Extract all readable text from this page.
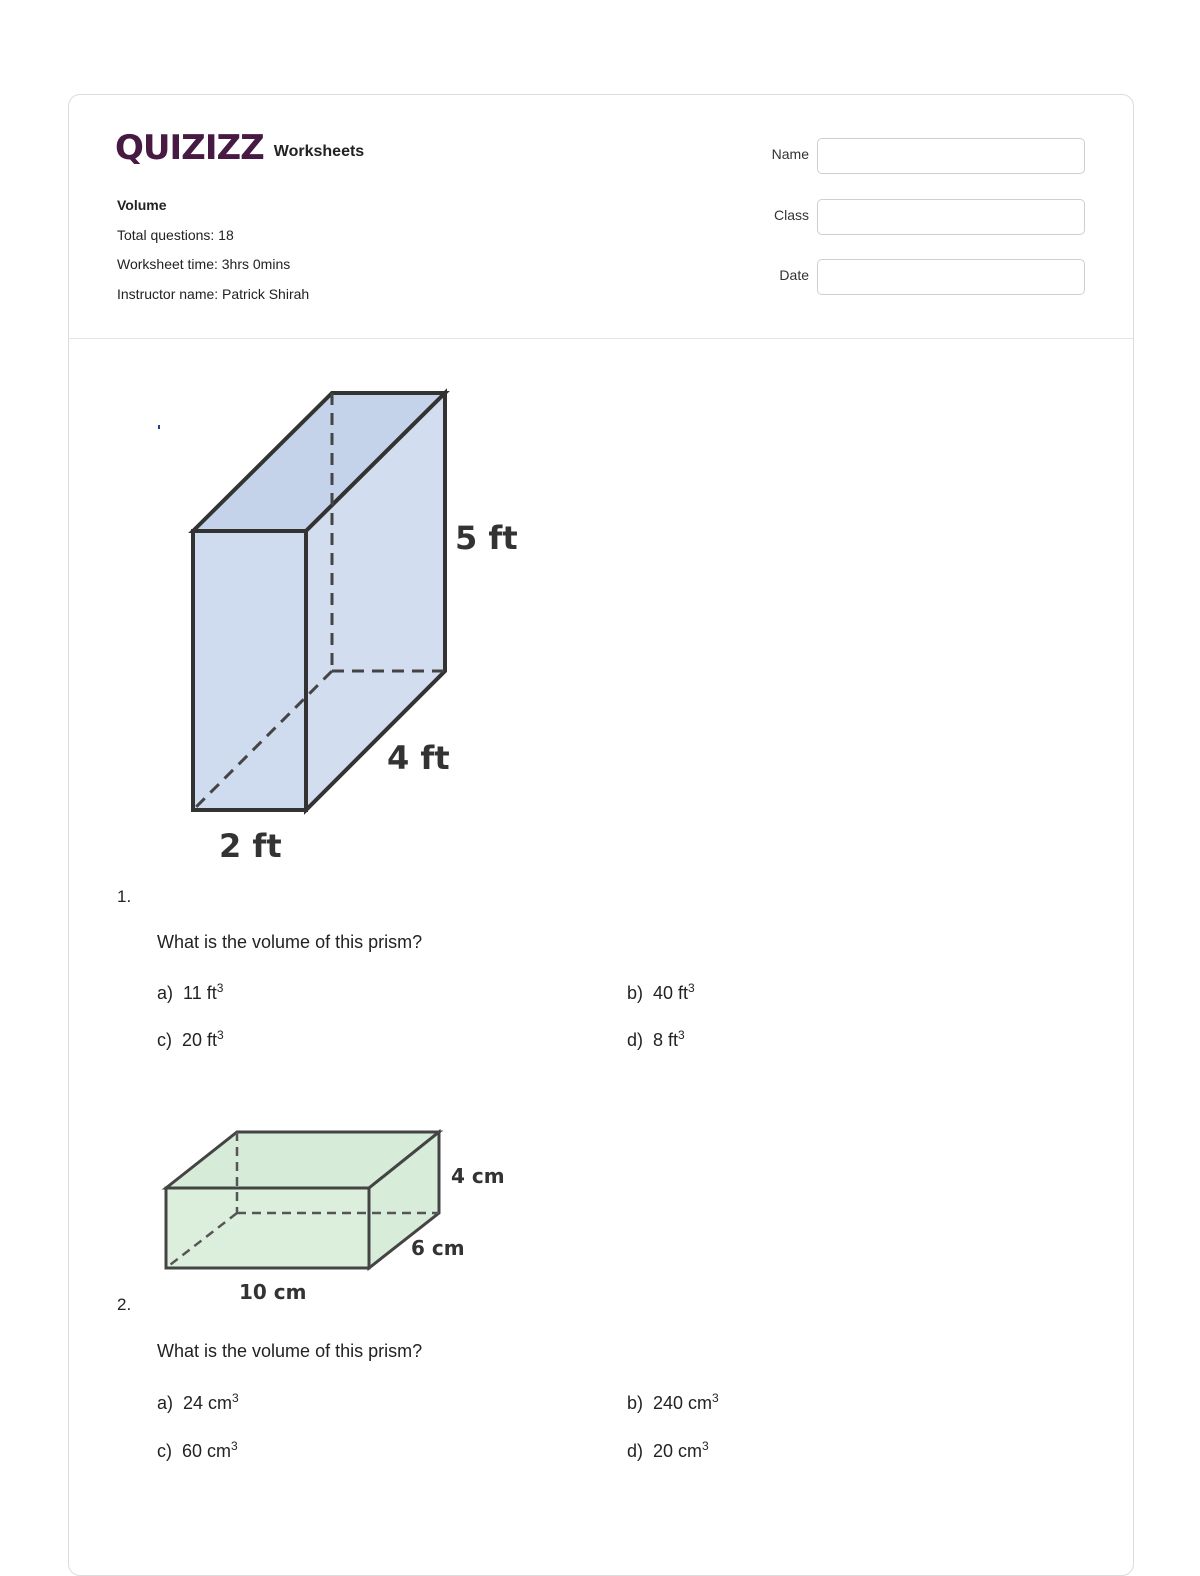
QUIZIZZ Worksheets
Volume
Total questions: 18
Worksheet time: 3hrs 0mins
Instructor name: Patrick Shirah
Name
Class
Date
5 ft
4 ft
2 ft
1.
What is the volume of this prism?
a) 11 $ft^3$	b) 40 $ft^3$
c) 20 $ft^3$	d) 8 $ft^3$
4 cm
6 cm
10 cm
2.
What is the volume of this prism?
a) 24 $cm^3$	b) 240 $cm^3$
c) 60 $cm^3$	d) 20 $cm^3$
